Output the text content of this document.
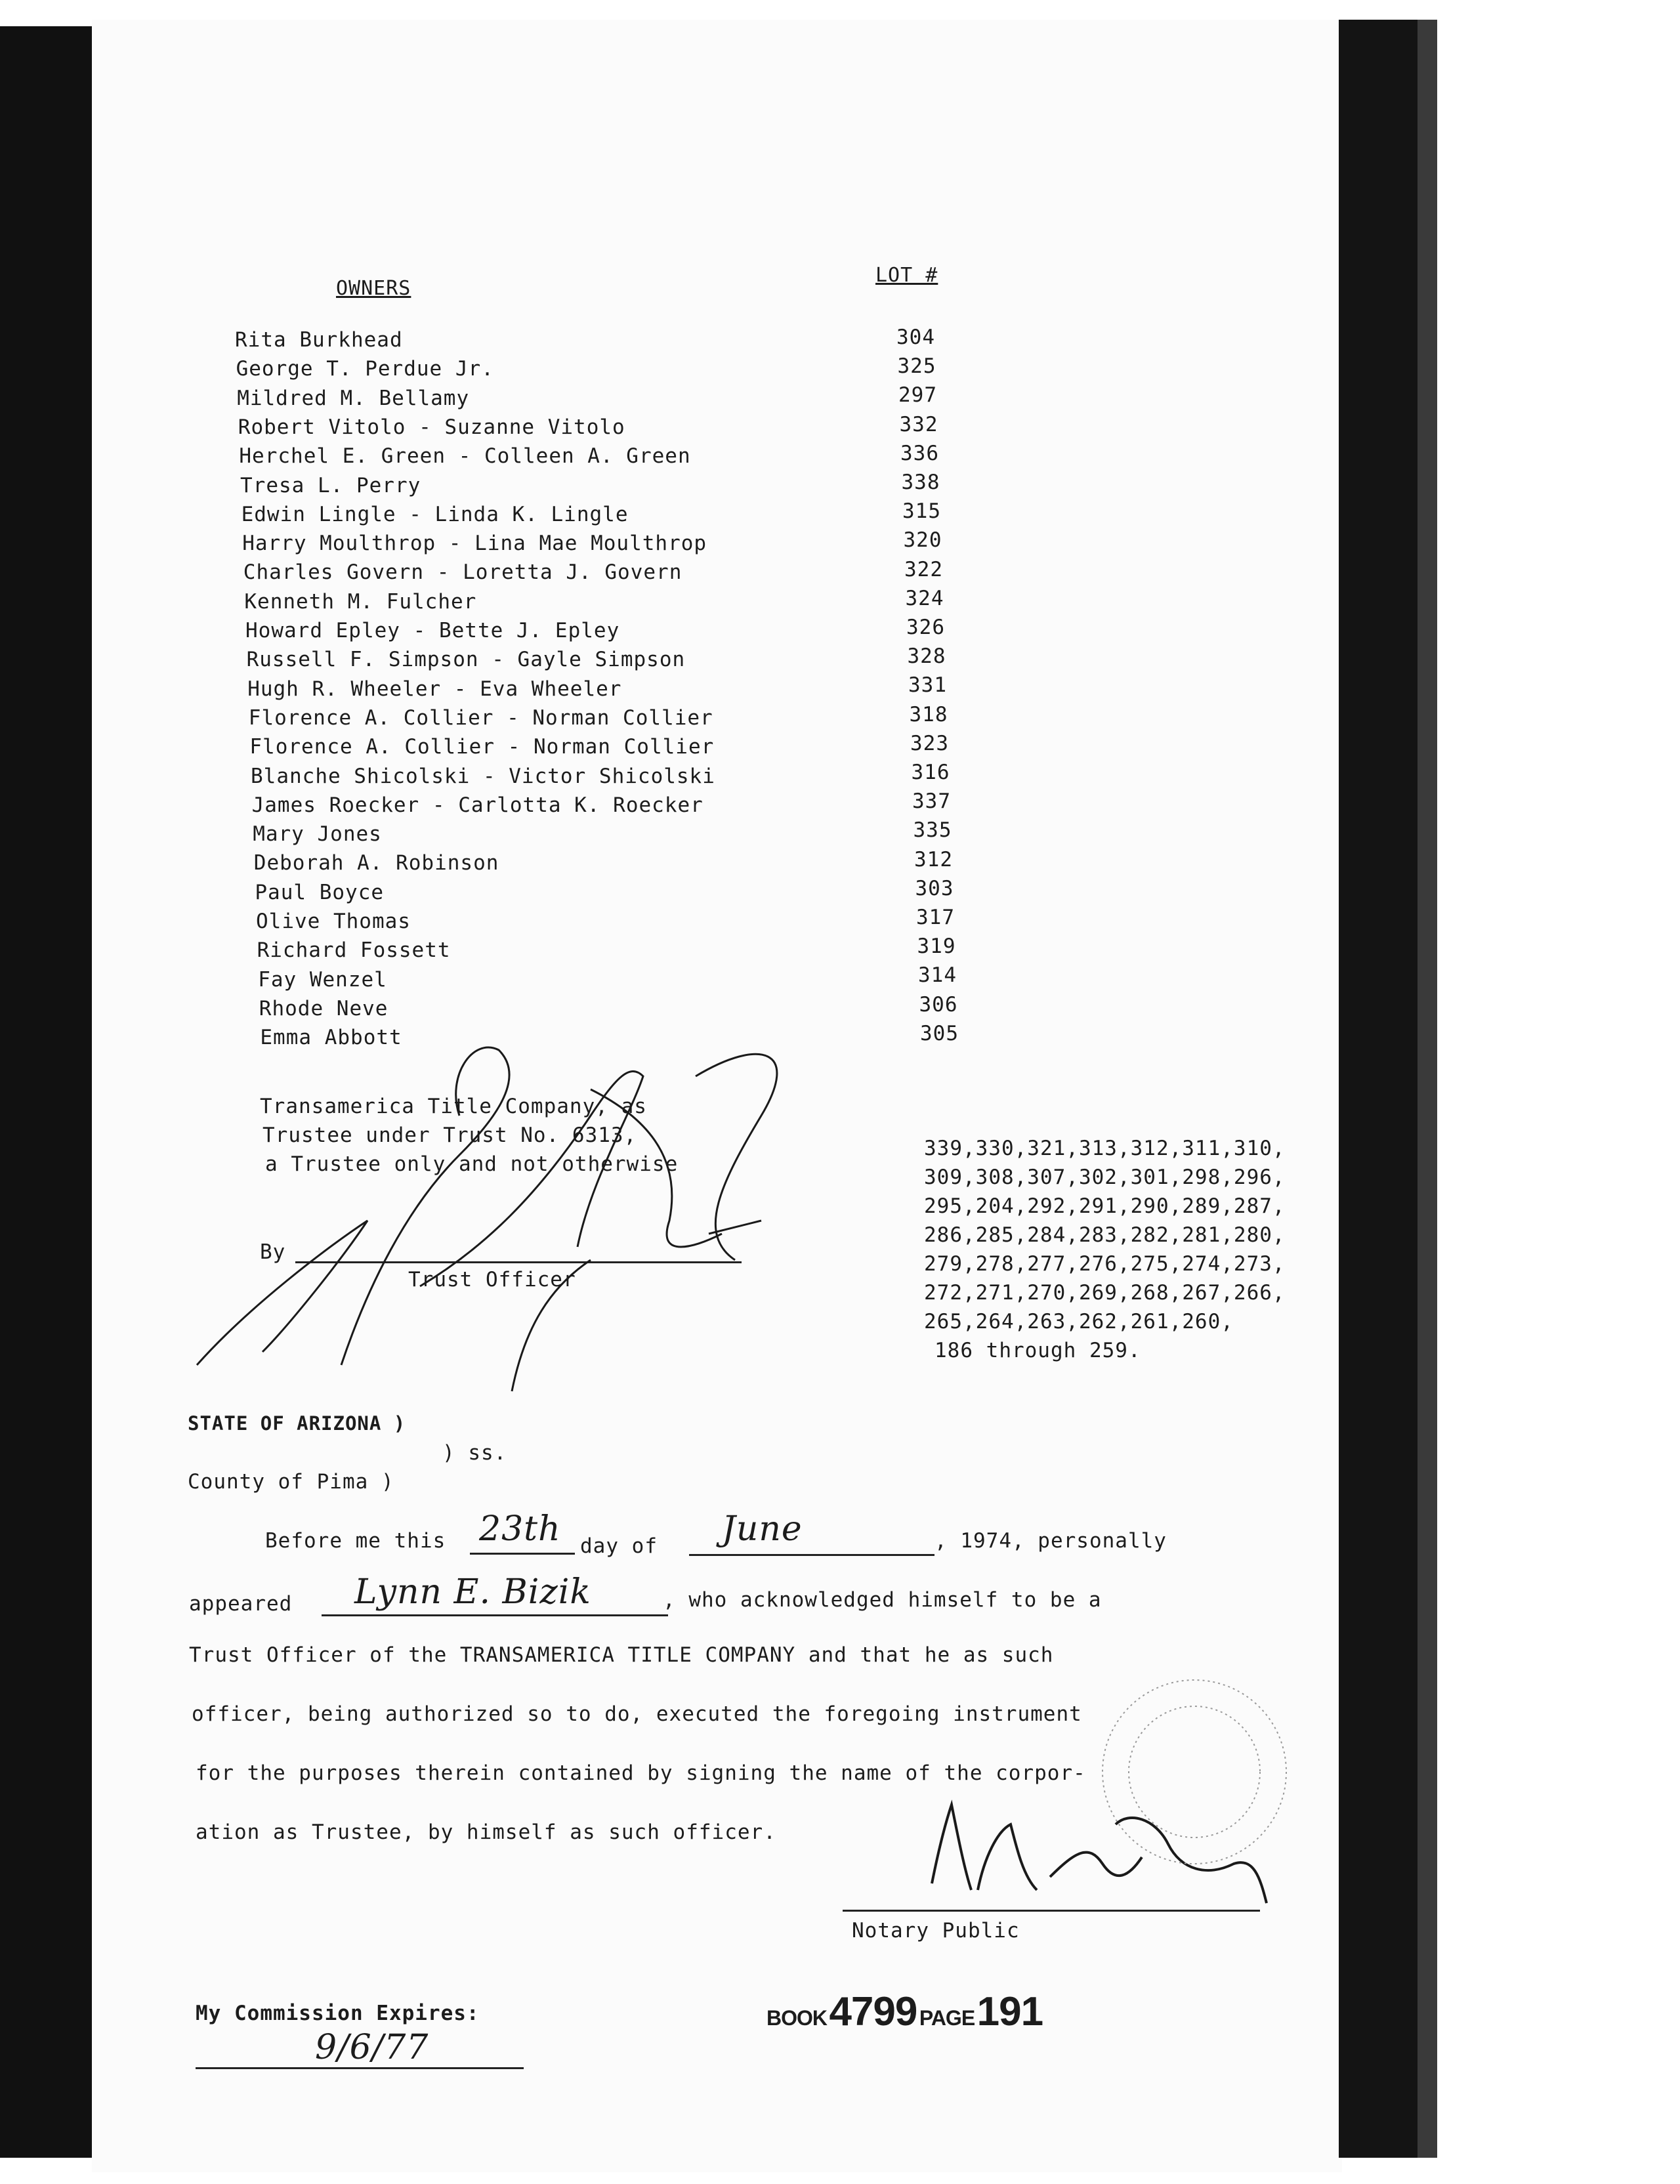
OWNERS
LOT #
Rita Burkhead	304
George T. Perdue Jr.	325
Mildred M. Bellamy	297
Robert Vitolo - Suzanne Vitolo	332
Herchel E. Green - Colleen A. Green	336
Tresa L. Perry	338
Edwin Lingle - Linda K. Lingle	315
Harry Moulthrop - Lina Mae Moulthrop	320
Charles Govern - Loretta J. Govern	322
Kenneth M. Fulcher	324
Howard Epley - Bette J. Epley	326
Russell F. Simpson - Gayle Simpson	328
Hugh R. Wheeler - Eva Wheeler	331
Florence A. Collier - Norman Collier	318
Florence A. Collier - Norman Collier	323
Blanche Shicolski - Victor Shicolski	316
James Roecker - Carlotta K. Roecker	337
Mary Jones	335
Deborah A. Robinson	312
Paul Boyce	303
Olive Thomas	317
Richard Fossett	319
Fay Wenzel	314
Rhode Neve	306
Emma Abbott	305
Transamerica Title Company, as
Trustee under Trust No. 6313,
a Trustee only and not otherwise
By
Trust Officer
339,330,321,313,312,311,310,
309,308,307,302,301,298,296,
295,204,292,291,290,289,287,
286,285,284,283,282,281,280,
279,278,277,276,275,274,273,
272,271,270,269,268,267,266,
265,264,263,262,261,260,
186 through 259.
STATE OF ARIZONA )
) ss.
County of Pima )
Before me this 23th day of June	, 1974, personally
appeared Lynn E. Bizik	, who acknowledged himself to be a
Trust Officer of the TRANSAMERICA TITLE COMPANY and that he as such
officer, being authorized so to do, executed the foregoing instrument
for the purposes therein contained by signing the name of the corpor-
ation as Trustee, by himself as such officer.
Notary Public
BOOK 4799 PAGE 191
My Commission Expires:
9/6/77
